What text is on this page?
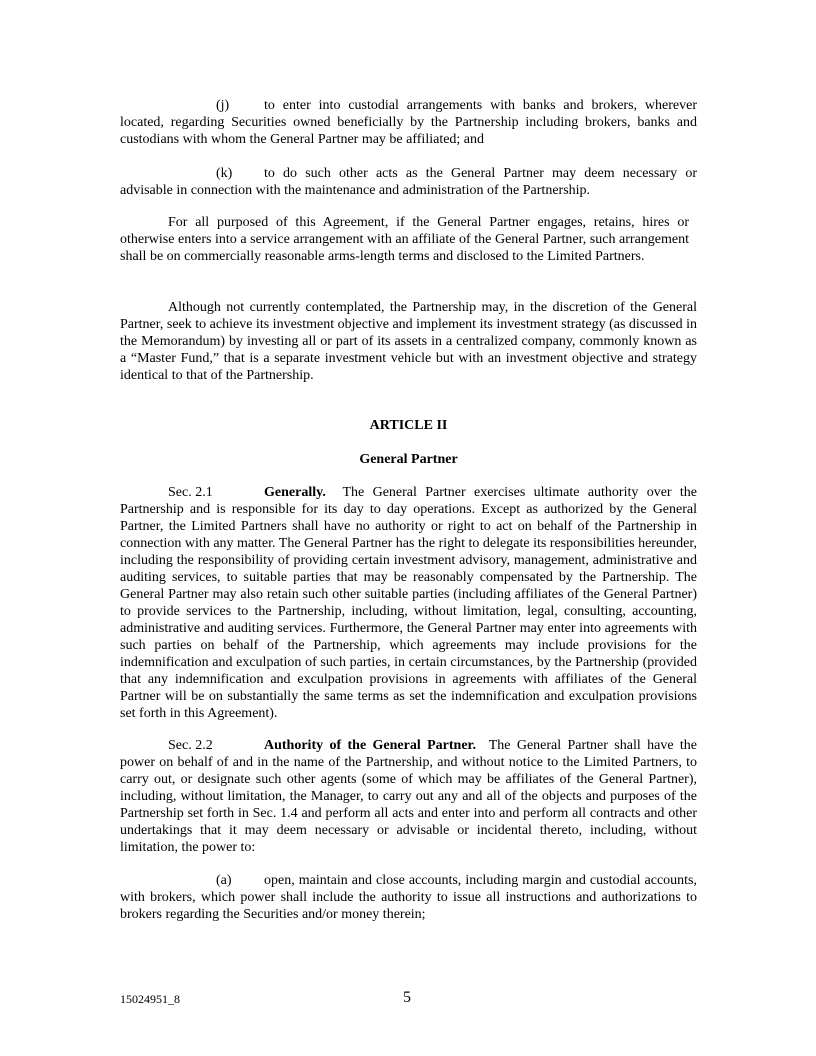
(j) to enter into custodial arrangements with banks and brokers, wherever located, regarding Securities owned beneficially by the Partnership including brokers, banks and custodians with whom the General Partner may be affiliated; and

(k) to do such other acts as the General Partner may deem necessary or advisable in connection with the maintenance and administration of the Partnership.

For all purposed of this Agreement, if the General Partner engages, retains, hires or otherwise enters into a service arrangement with an affiliate of the General Partner, such arrangement shall be on commercially reasonable arms-length terms and disclosed to the Limited Partners.

Although not currently contemplated, the Partnership may, in the discretion of the General Partner, seek to achieve its investment objective and implement its investment strategy (as discussed in the Memorandum) by investing all or part of its assets in a centralized company, commonly known as a “Master Fund,” that is a separate investment vehicle but with an investment objective and strategy identical to that of the Partnership.

ARTICLE II

General Partner

Sec. 2.1	Generally. The General Partner exercises ultimate authority over the Partnership and is responsible for its day to day operations. Except as authorized by the General Partner, the Limited Partners shall have no authority or right to act on behalf of the Partnership in connection with any matter. The General Partner has the right to delegate its responsibilities hereunder, including the responsibility of providing certain investment advisory, management, administrative and auditing services, to suitable parties that may be reasonably compensated by the Partnership. The General Partner may also retain such other suitable parties (including affiliates of the General Partner) to provide services to the Partnership, including, without limitation, legal, consulting, accounting, administrative and auditing services. Furthermore, the General Partner may enter into agreements with such parties on behalf of the Partnership, which agreements may include provisions for the indemnification and exculpation of such parties, in certain circumstances, by the Partnership (provided that any indemnification and exculpation provisions in agreements with affiliates of the General Partner will be on substantially the same terms as set the indemnification and exculpation provisions set forth in this Agreement).

Sec. 2.2	Authority of the General Partner. The General Partner shall have the power on behalf of and in the name of the Partnership, and without notice to the Limited Partners, to carry out, or designate such other agents (some of which may be affiliates of the General Partner), including, without limitation, the Manager, to carry out any and all of the objects and purposes of the Partnership set forth in Sec. 1.4 and perform all acts and enter into and perform all contracts and other undertakings that it may deem necessary or advisable or incidental thereto, including, without limitation, the power to:

(a) open, maintain and close accounts, including margin and custodial accounts, with brokers, which power shall include the authority to issue all instructions and authorizations to brokers regarding the Securities and/or money therein;

15024951_8	5
